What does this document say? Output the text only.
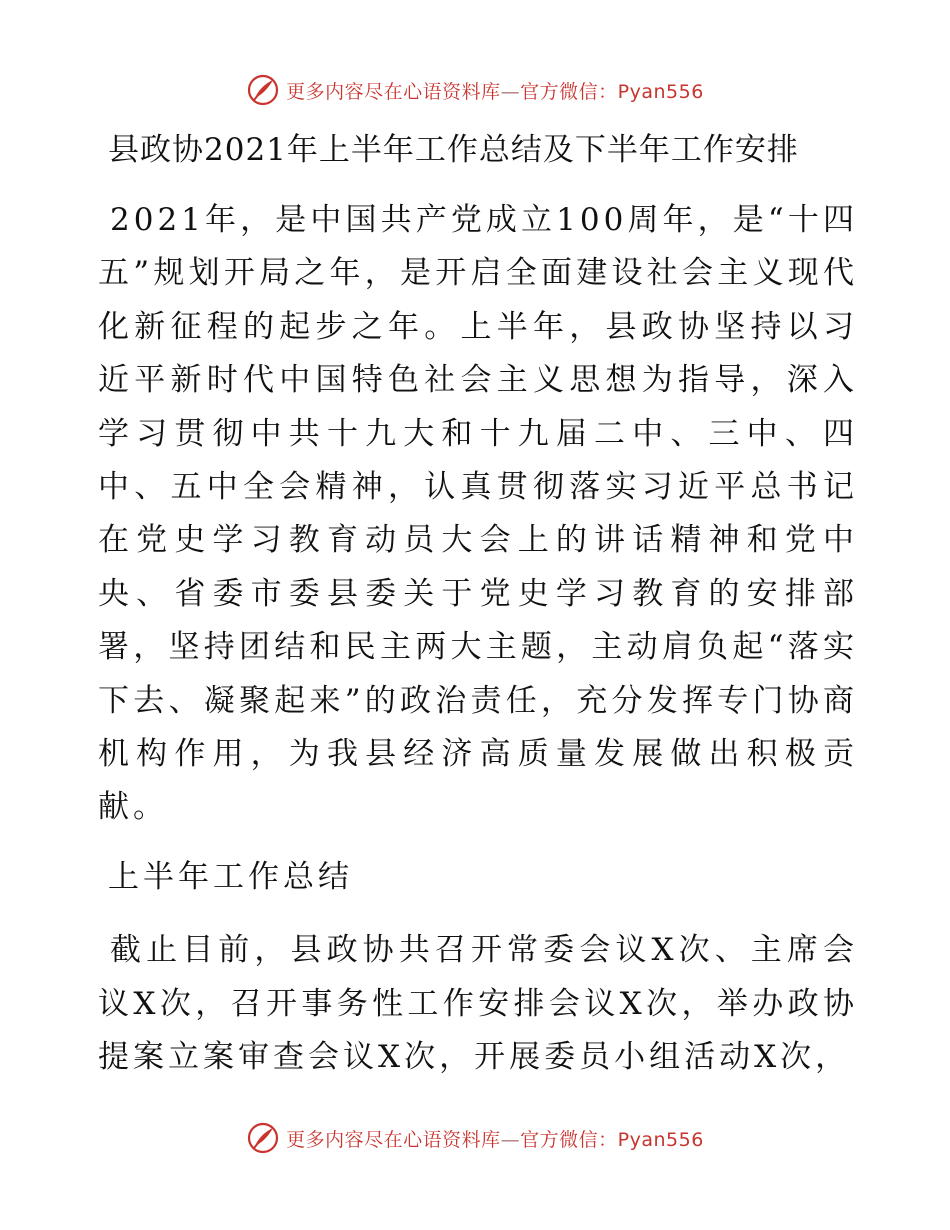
更多内容尽在心语资料库—官方微信：Pyan556
县政协2021年上半年工作总结及下半年工作安排

2021年，是中国共产党成立100周年，是“十四五”规划开局之年，是开启全面建设社会主义现代化新征程的起步之年。上半年，县政协坚持以习近平新时代中国特色社会主义思想为指导，深入学习贯彻中共十九大和十九届二中、三中、四中、五中全会精神，认真贯彻落实习近平总书记在党史学习教育动员大会上的讲话精神和党中央、省委市委县委关于党史学习教育的安排部署，坚持团结和民主两大主题，主动肩负起“落实下去、凝聚起来”的政治责任，充分发挥专门协商机构作用，为我县经济高质量发展做出积极贡献。

上半年工作总结

截止目前，县政协共召开常委会议X次、主席会议X次，召开事务性工作安排会议X次，举办政协提案立案审查会议X次，开展委员小组活动X次，

更多内容尽在心语资料库—官方微信：Pyan556
